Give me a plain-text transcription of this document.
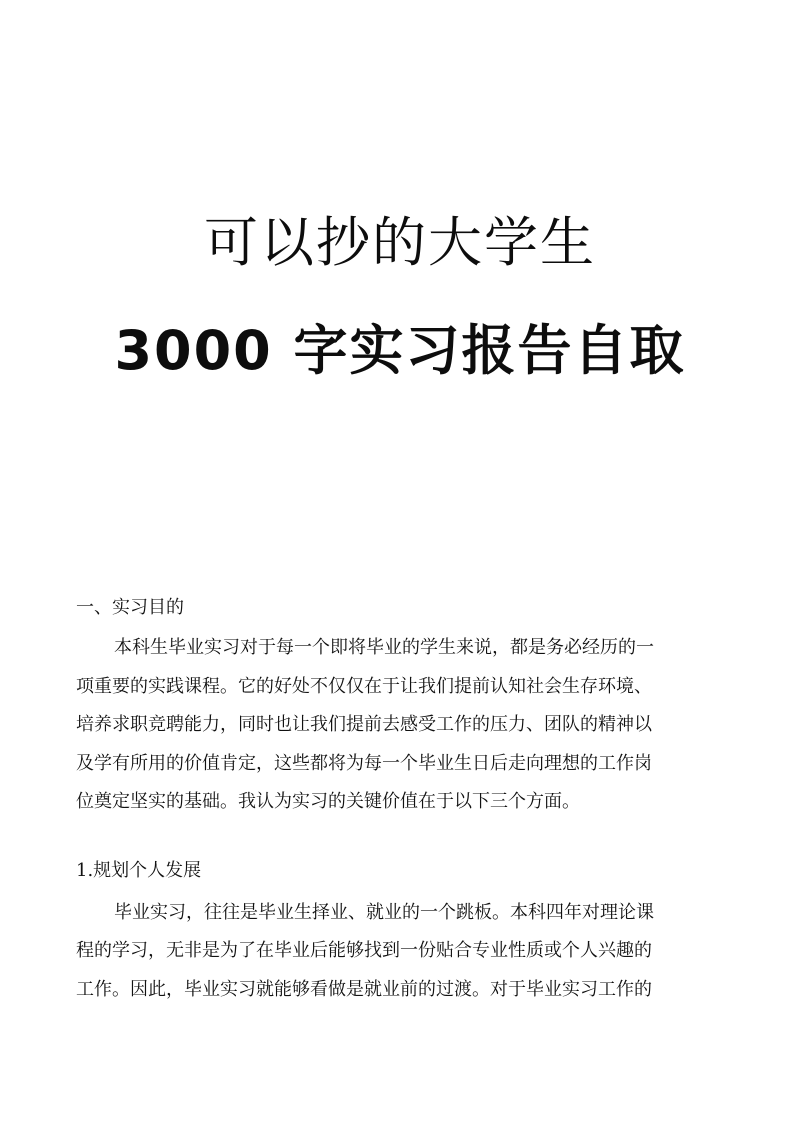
可以抄的大学生
3000 字实习报告自取
一、实习目的
本科生毕业实习对于每一个即将毕业的学生来说，都是务必经历的一
项重要的实践课程。它的好处不仅仅在于让我们提前认知社会生存环境、
培养求职竞聘能力，同时也让我们提前去感受工作的压力、团队的精神以
及学有所用的价值肯定，这些都将为每一个毕业生日后走向理想的工作岗
位奠定坚实的基础。我认为实习的关键价值在于以下三个方面。
1.规划个人发展
毕业实习，往往是毕业生择业、就业的一个跳板。本科四年对理论课
程的学习，无非是为了在毕业后能够找到一份贴合专业性质或个人兴趣的
工作。因此，毕业实习就能够看做是就业前的过渡。对于毕业实习工作的
